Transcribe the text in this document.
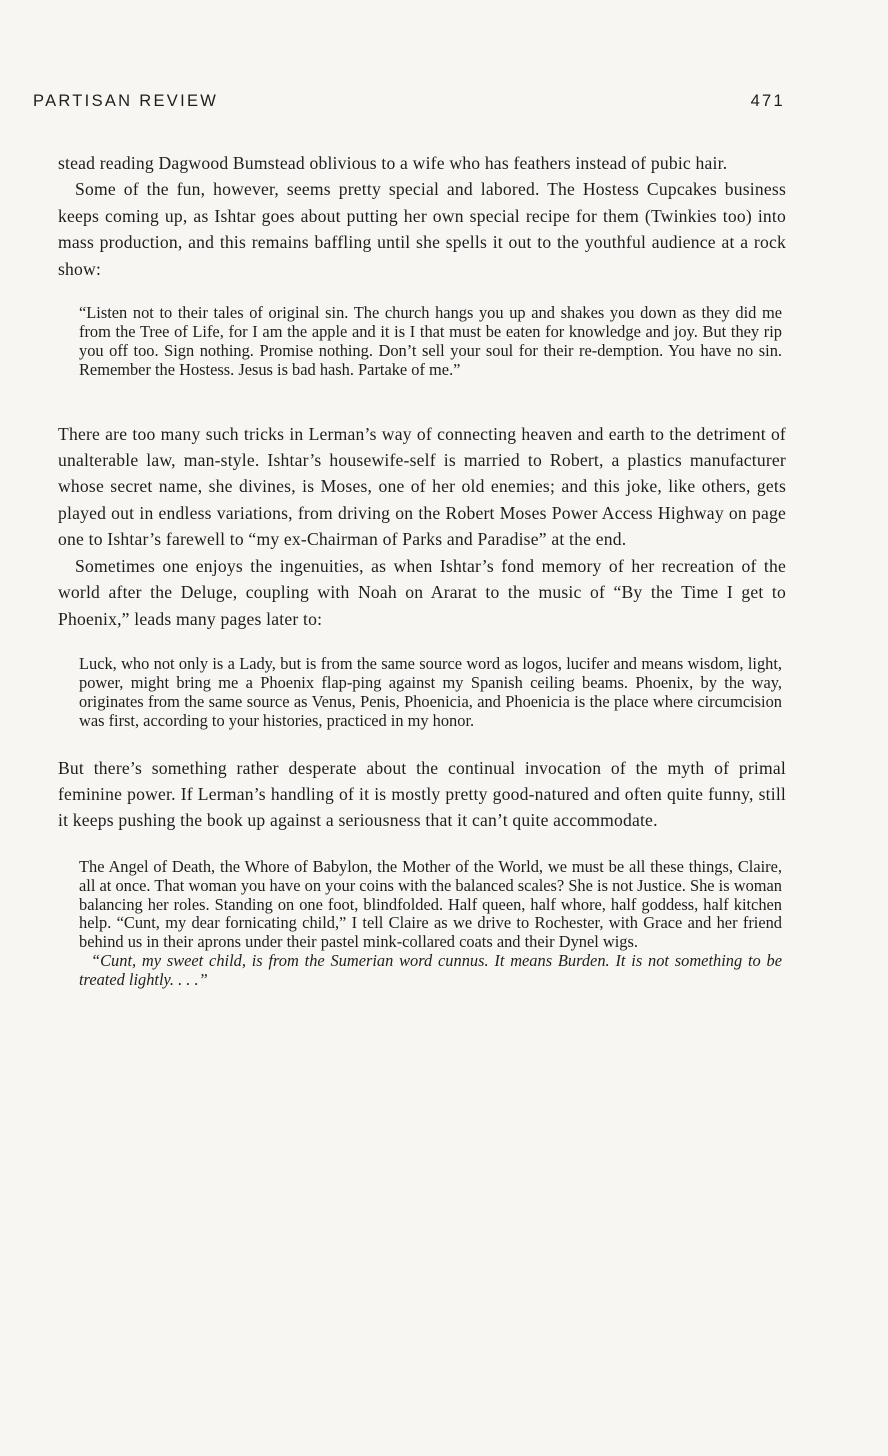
PARTISAN REVIEW	471

stead reading Dagwood Bumstead oblivious to a wife who has feathers instead of pubic hair.

Some of the fun, however, seems pretty special and labored. The Hostess Cupcakes business keeps coming up, as Ishtar goes about putting her own special recipe for them (Twinkies too) into mass production, and this remains baffling until she spells it out to the youthful audience at a rock show:

“Listen not to their tales of original sin. The church hangs you up and shakes you down as they did me from the Tree of Life, for I am the apple and it is I that must be eaten for knowledge and joy. But they rip you off too. Sign nothing. Promise nothing. Don’t sell your soul for their re-demption. You have no sin. Remember the Hostess. Jesus is bad hash. Partake of me.”

There are too many such tricks in Lerman’s way of connecting heaven and earth to the detriment of unalterable law, man-style. Ishtar’s housewife-self is married to Robert, a plastics manufacturer whose secret name, she divines, is Moses, one of her old enemies; and this joke, like others, gets played out in endless variations, from driving on the Robert Moses Power Access Highway on page one to Ishtar’s farewell to “my ex-Chairman of Parks and Paradise” at the end.

Sometimes one enjoys the ingenuities, as when Ishtar’s fond memory of her recreation of the world after the Deluge, coupling with Noah on Ararat to the music of “By the Time I get to Phoenix,” leads many pages later to:

Luck, who not only is a Lady, but is from the same source word as logos, lucifer and means wisdom, light, power, might bring me a Phoenix flap-ping against my Spanish ceiling beams. Phoenix, by the way, originates from the same source as Venus, Penis, Phoenicia, and Phoenicia is the place where circumcision was first, according to your histories, practiced in my honor.

But there’s something rather desperate about the continual invocation of the myth of primal feminine power. If Lerman’s handling of it is mostly pretty good-natured and often quite funny, still it keeps pushing the book up against a seriousness that it can’t quite accommodate.

The Angel of Death, the Whore of Babylon, the Mother of the World, we must be all these things, Claire, all at once. That woman you have on your coins with the balanced scales? She is not Justice. She is woman balancing her roles. Standing on one foot, blindfolded. Half queen, half whore, half goddess, half kitchen help. “Cunt, my dear fornicating child,” I tell Claire as we drive to Rochester, with Grace and her friend behind us in their aprons under their pastel mink-collared coats and their Dynel wigs.

“Cunt, my sweet child, is from the Sumerian word cunnus. It means Burden. It is not something to be treated lightly. . . .”
